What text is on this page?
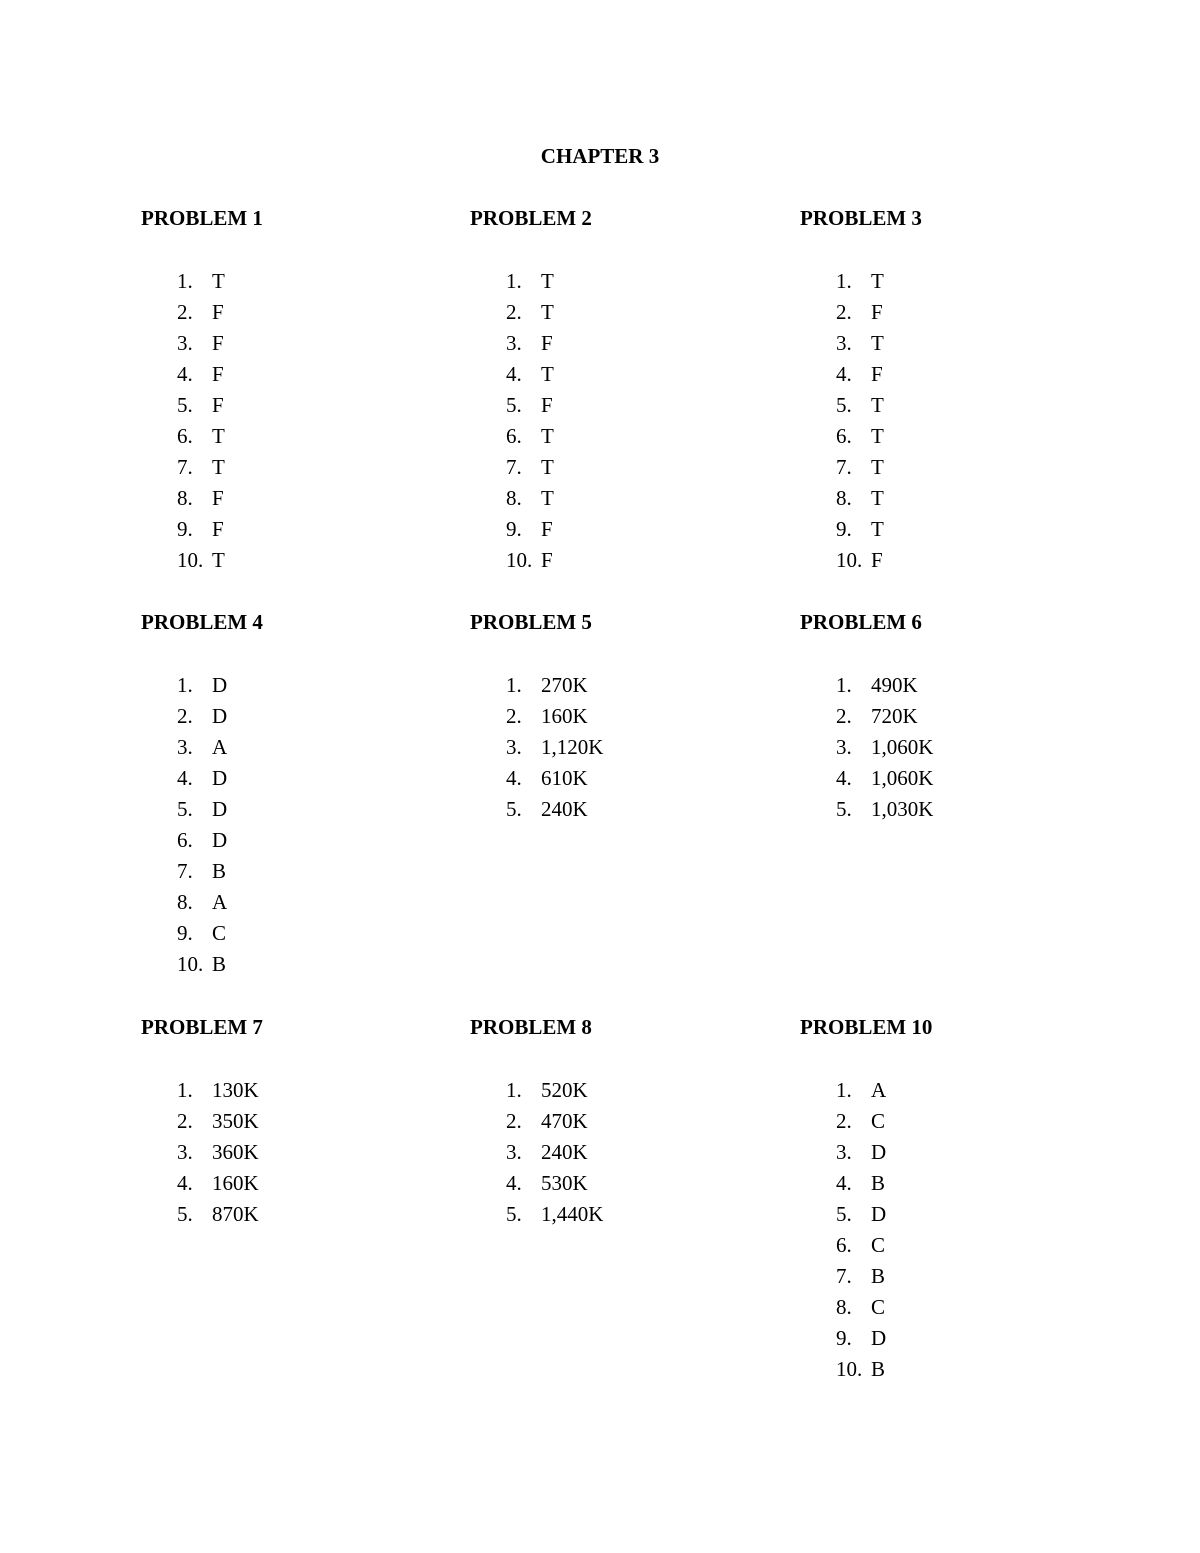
CHAPTER 3
PROBLEM 1
1. T
2. F
3. F
4. F
5. F
6. T
7. T
8. F
9. F
10. T
PROBLEM 2
1. T
2. T
3. F
4. T
5. F
6. T
7. T
8. T
9. F
10. F
PROBLEM 3
1. T
2. F
3. T
4. F
5. T
6. T
7. T
8. T
9. T
10. F
PROBLEM 4
1. D
2. D
3. A
4. D
5. D
6. D
7. B
8. A
9. C
10. B
PROBLEM 5
1. 270K
2. 160K
3. 1,120K
4. 610K
5. 240K
PROBLEM 6
1. 490K
2. 720K
3. 1,060K
4. 1,060K
5. 1,030K
PROBLEM 7
1. 130K
2. 350K
3. 360K
4. 160K
5. 870K
PROBLEM 8
1. 520K
2. 470K
3. 240K
4. 530K
5. 1,440K
PROBLEM 10
1. A
2. C
3. D
4. B
5. D
6. C
7. B
8. C
9. D
10. B
